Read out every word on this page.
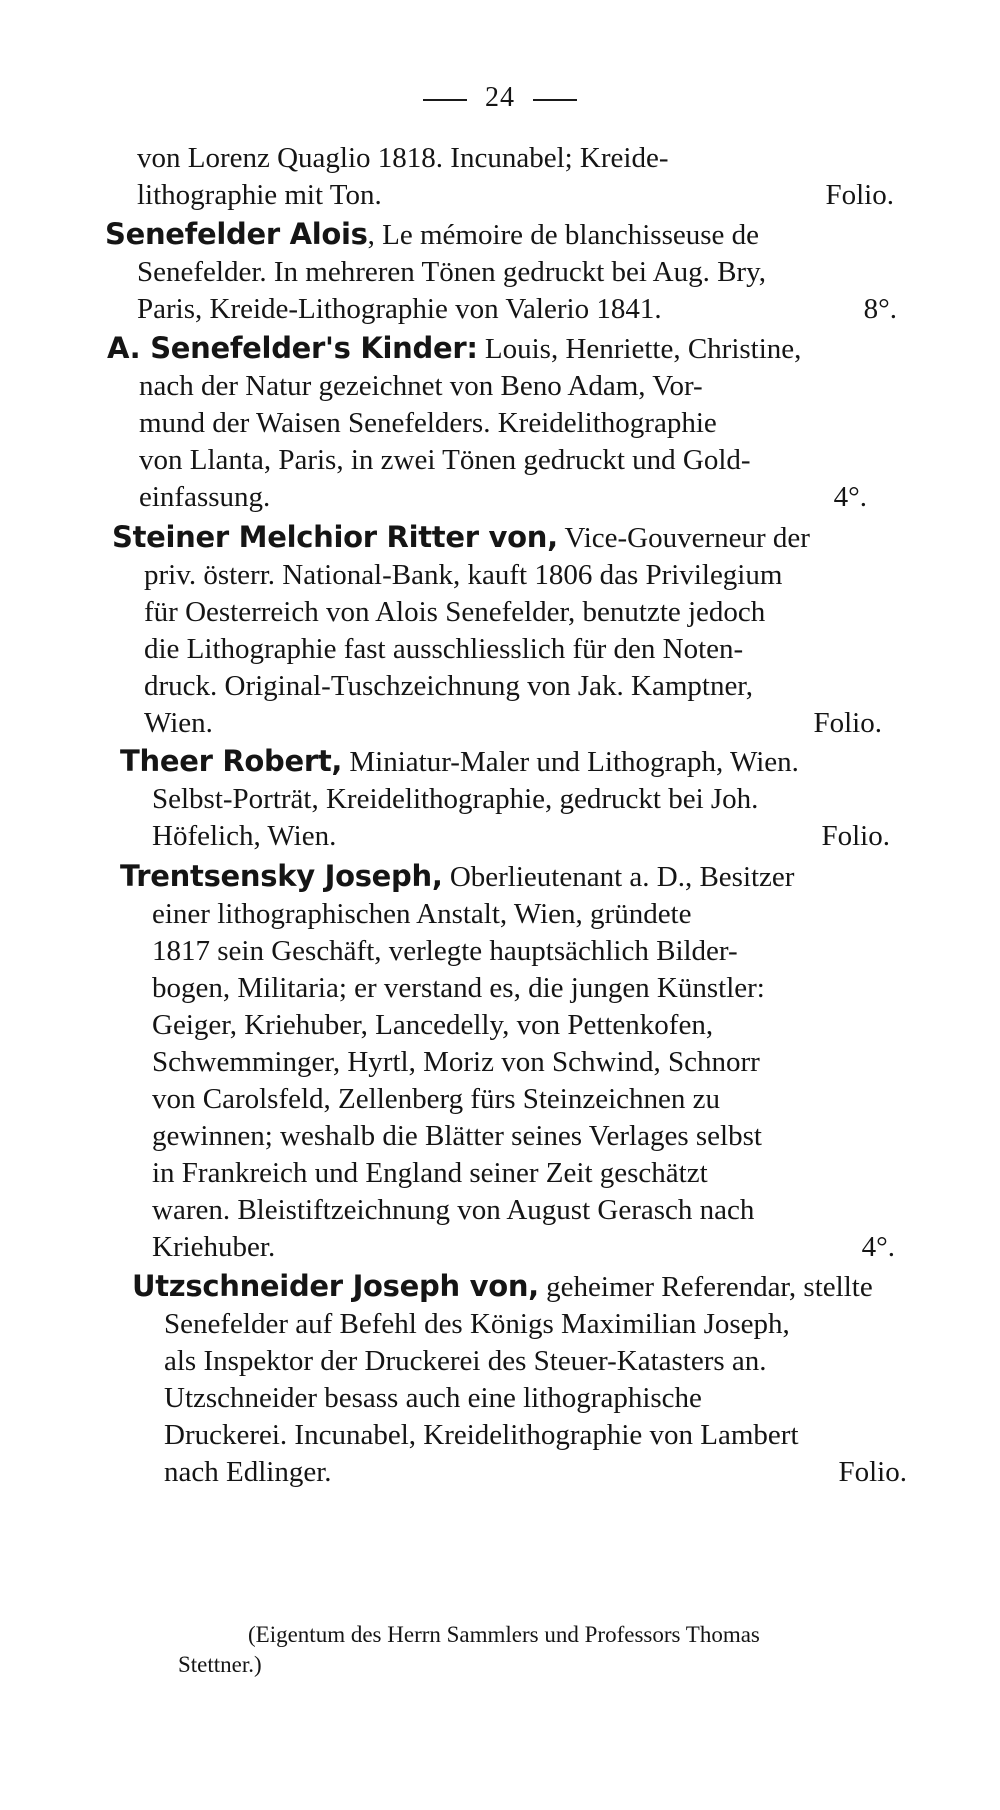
24
von Lorenz Quaglio 1818. Incunabel; Kreide-
lithographie mit Ton.	Folio.
Senefelder Alois, Le mémoire de blanchisseuse de
Senefelder. In mehreren Tönen gedruckt bei Aug. Bry,
Paris, Kreide-Lithographie von Valerio 1841.	8°.
A. Senefelder's Kinder: Louis, Henriette, Christine,
nach der Natur gezeichnet von Beno Adam, Vor-
mund der Waisen Senefelders. Kreidelithographie
von Llanta, Paris, in zwei Tönen gedruckt und Gold-
einfassung.	4°.
Steiner Melchior Ritter von, Vice-Gouverneur der
priv. österr. National-Bank, kauft 1806 das Privilegium
für Oesterreich von Alois Senefelder, benutzte jedoch
die Lithographie fast ausschliesslich für den Noten-
druck. Original-Tuschzeichnung von Jak. Kamptner,
Wien.	Folio.
Theer Robert, Miniatur-Maler und Lithograph, Wien.
Selbst-Porträt, Kreidelithographie, gedruckt bei Joh.
Höfelich, Wien.	Folio.
Trentsensky Joseph, Oberlieutenant a. D., Besitzer
einer lithographischen Anstalt, Wien, gründete
1817 sein Geschäft, verlegte hauptsächlich Bilder-
bogen, Militaria; er verstand es, die jungen Künstler:
Geiger, Kriehuber, Lancedelly, von Pettenkofen,
Schwemminger, Hyrtl, Moriz von Schwind, Schnorr
von Carolsfeld, Zellenberg fürs Steinzeichnen zu
gewinnen; weshalb die Blätter seines Verlages selbst
in Frankreich und England seiner Zeit geschätzt
waren. Bleistiftzeichnung von August Gerasch nach
Kriehuber.	4°.
Utzschneider Joseph von, geheimer Referendar, stellte
Senefelder auf Befehl des Königs Maximilian Joseph,
als Inspektor der Druckerei des Steuer-Katasters an.
Utzschneider besass auch eine lithographische
Druckerei. Incunabel, Kreidelithographie von Lambert
nach Edlinger.	Folio.
(Eigentum des Herrn Sammlers und Professors Thomas
Stettner.)
